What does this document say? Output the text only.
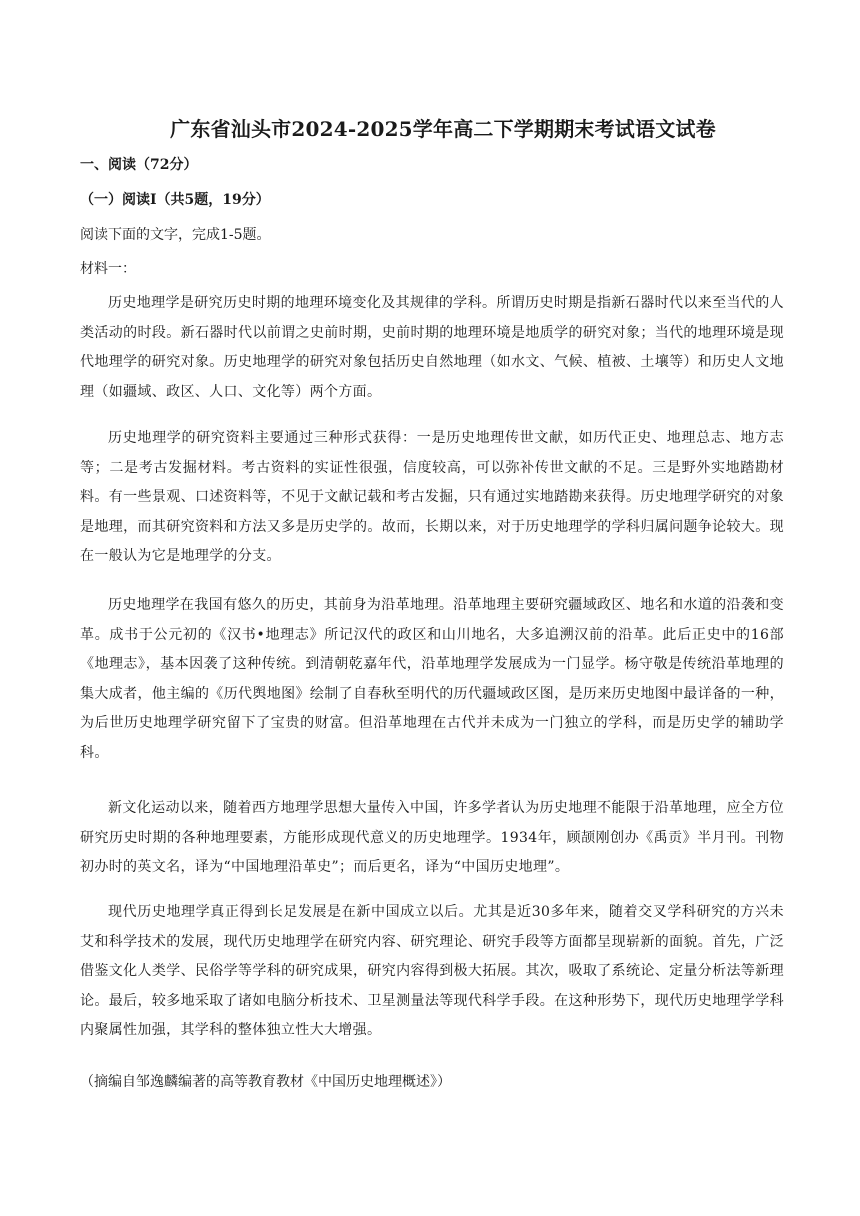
广东省汕头市2024-2025学年高二下学期期末考试语文试卷
一、阅读（72分）
（一）阅读Ⅰ（共5题，19分）
阅读下面的文字，完成1-5题。
材料一：
历史地理学是研究历史时期的地理环境变化及其规律的学科。所谓历史时期是指新石器时代以来至当代的人类活动的时段。新石器时代以前谓之史前时期，史前时期的地理环境是地质学的研究对象；当代的地理环境是现代地理学的研究对象。历史地理学的研究对象包括历史自然地理（如水文、气候、植被、土壤等）和历史人文地理（如疆域、政区、人口、文化等）两个方面。
历史地理学的研究资料主要通过三种形式获得：一是历史地理传世文献，如历代正史、地理总志、地方志等；二是考古发掘材料。考古资料的实证性很强，信度较高，可以弥补传世文献的不足。三是野外实地踏勘材料。有一些景观、口述资料等，不见于文献记载和考古发掘，只有通过实地踏勘来获得。历史地理学研究的对象是地理，而其研究资料和方法又多是历史学的。故而，长期以来，对于历史地理学的学科归属问题争论较大。现在一般认为它是地理学的分支。
历史地理学在我国有悠久的历史，其前身为沿革地理。沿革地理主要研究疆域政区、地名和水道的沿袭和变革。成书于公元初的《汉书•地理志》所记汉代的政区和山川地名，大多追溯汉前的沿革。此后正史中的16部《地理志》，基本因袭了这种传统。到清朝乾嘉年代，沿革地理学发展成为一门显学。杨守敬是传统沿革地理的集大成者，他主编的《历代舆地图》绘制了自春秋至明代的历代疆域政区图，是历来历史地图中最详备的一种，为后世历史地理学研究留下了宝贵的财富。但沿革地理在古代并未成为一门独立的学科，而是历史学的辅助学科。
新文化运动以来，随着西方地理学思想大量传入中国，许多学者认为历史地理不能限于沿革地理，应全方位研究历史时期的各种地理要素，方能形成现代意义的历史地理学。1934年，顾颉刚创办《禹贡》半月刊。刊物初办时的英文名，译为“中国地理沿革史”；而后更名，译为“中国历史地理”。
现代历史地理学真正得到长足发展是在新中国成立以后。尤其是近30多年来，随着交叉学科研究的方兴未艾和科学技术的发展，现代历史地理学在研究内容、研究理论、研究手段等方面都呈现崭新的面貌。首先，广泛借鉴文化人类学、民俗学等学科的研究成果，研究内容得到极大拓展。其次，吸取了系统论、定量分析法等新理论。最后，较多地采取了诸如电脑分析技术、卫星测量法等现代科学手段。在这种形势下，现代历史地理学学科内聚属性加强，其学科的整体独立性大大增强。
（摘编自邹逸麟编著的高等教育教材《中国历史地理概述》）
